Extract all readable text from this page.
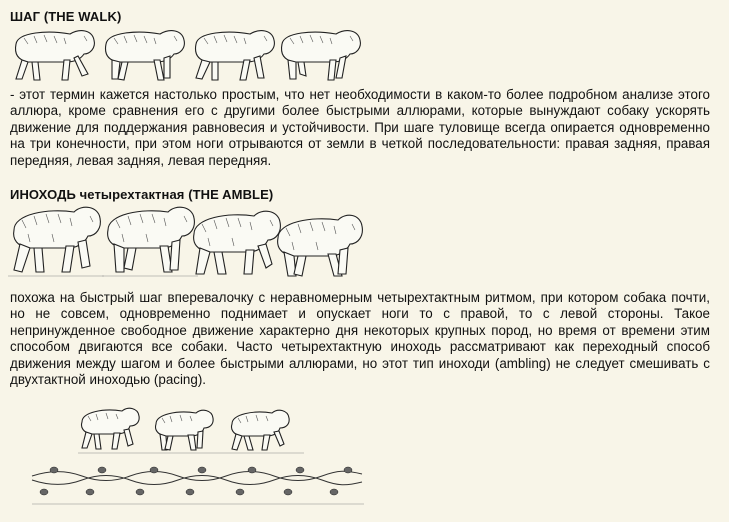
ШАГ (THE WALK)

- этот термин кажется настолько простым, что нет необходимости в каком-то более подробном анализе этого аллюра, кроме сравнения его с другими более быстрыми аллюрами, которые вынуждают собаку ускорять движение для поддержания равновесия и устойчивости. При шаге туловище всегда опирается одновременно на три конечности, при этом ноги отрываются от земли в четкой последовательности: правая задняя, правая передняя, левая задняя, левая передняя.

ИНОХОДЬ четырехтактная (THE AMBLE)

похожа на быстрый шаг вперевалочку с неравномерным четырехтактным ритмом, при котором собака почти, но не совсем, одновременно поднимает и опускает ноги то с правой, то с левой стороны. Такое непринужденное свободное движение характерно дня некоторых крупных пород, но время от времени этим способом двигаются все собаки. Часто четырехтактную иноходь рассматривают как переходный способ движения между шагом и более быстрыми аллюрами, но этот тип иноходи (ambling) не следует смешивать с двухтактной иноходью (pacing).
